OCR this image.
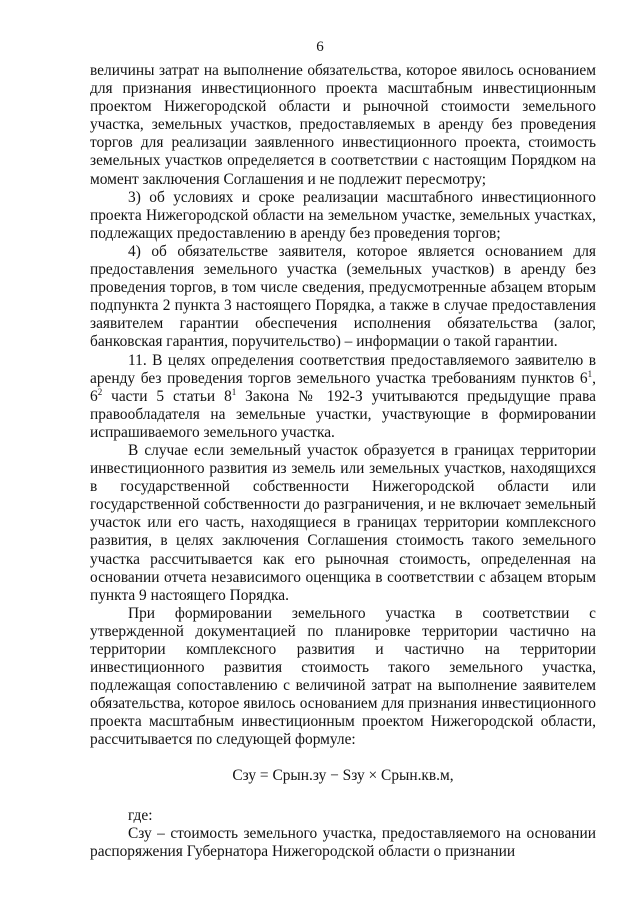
6

величины затрат на выполнение обязательства, которое явилось основанием для признания инвестиционного проекта масштабным инвестиционным проектом Нижегородской области и рыночной стоимости земельного участка, земельных участков, предоставляемых в аренду без проведения торгов для реализации заявленного инвестиционного проекта, стоимость земельных участков определяется в соответствии с настоящим Порядком на момент заключения Соглашения и не подлежит пересмотру;

3) об условиях и сроке реализации масштабного инвестиционного проекта Нижегородской области на земельном участке, земельных участках, подлежащих предоставлению в аренду без проведения торгов;

4) об обязательстве заявителя, которое является основанием для предоставления земельного участка (земельных участков) в аренду без проведения торгов, в том числе сведения, предусмотренные абзацем вторым подпункта 2 пункта 3 настоящего Порядка, а также в случае предоставления заявителем гарантии обеспечения исполнения обязательства (залог, банковская гарантия, поручительство) – информации о такой гарантии.

11. В целях определения соответствия предоставляемого заявителю в аренду без проведения торгов земельного участка требованиям пунктов $6^1$, $6^2$ части 5 статьи $8^1$ Закона № 192-З учитываются предыдущие права правообладателя на земельные участки, участвующие в формировании испрашиваемого земельного участка.

В случае если земельный участок образуется в границах территории инвестиционного развития из земель или земельных участков, находящихся в государственной собственности Нижегородской области или государственной собственности до разграничения, и не включает земельный участок или его часть, находящиеся в границах территории комплексного развития, в целях заключения Соглашения стоимость такого земельного участка рассчитывается как его рыночная стоимость, определенная на основании отчета независимого оценщика в соответствии с абзацем вторым пункта 9 настоящего Порядка.

При формировании земельного участка в соответствии с утвержденной документацией по планировке территории частично на территории комплексного развития и частично на территории инвестиционного развития стоимость такого земельного участка, подлежащая сопоставлению с величиной затрат на выполнение заявителем обязательства, которое явилось основанием для признания инвестиционного проекта масштабным инвестиционным проектом Нижегородской области, рассчитывается по следующей формуле:

Сзу = Срын.зу − Sзу × Срын.кв.м,

где:

Сзу – стоимость земельного участка, предоставляемого на основании распоряжения Губернатора Нижегородской области о признании
